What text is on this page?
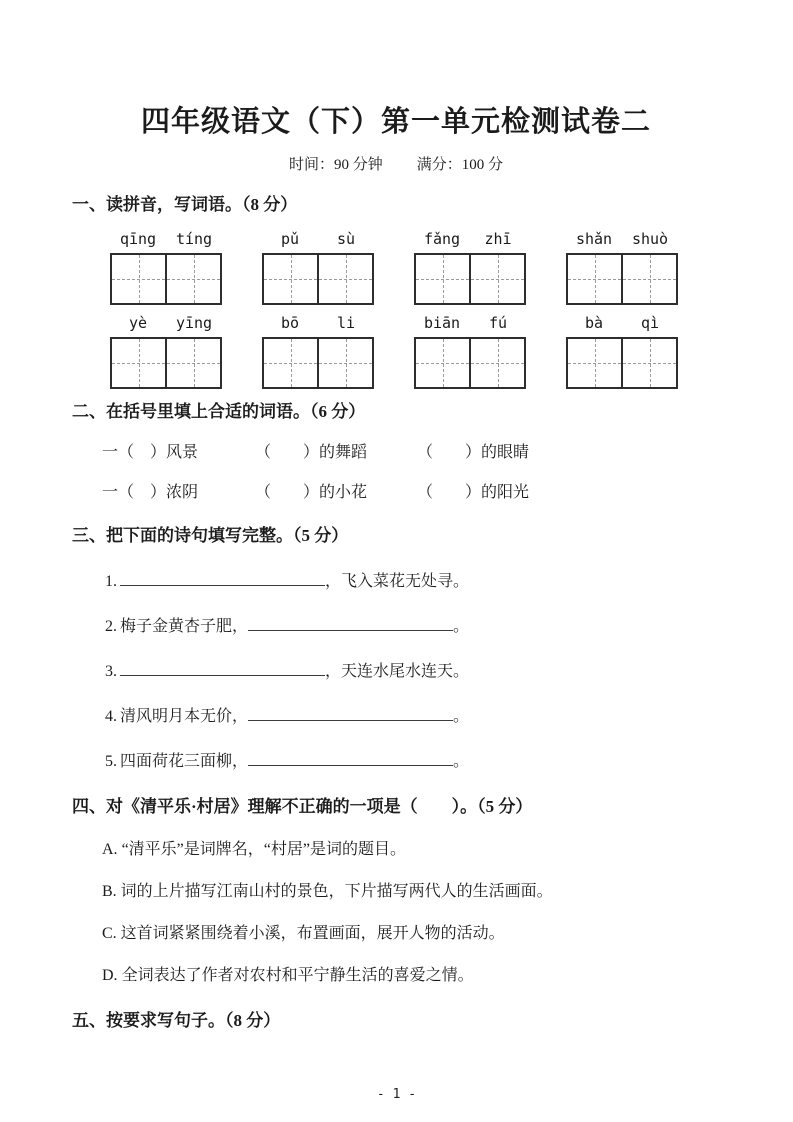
四年级语文（下）第一单元检测试卷二
时间：90 分钟 满分：100 分
一、读拼音，写词语。（8 分）
qīng	tíng	pǔ	sù	fǎng	zhī	shǎn	shuò
yè	yīng	bō	li	biān	fú	bà	qì
二、在括号里填上合适的词语。（6 分）
一（　）风景	（　　）的舞蹈	（　　）的眼睛
一（　）浓阴	（　　）的小花	（　　）的阳光
三、把下面的诗句填写完整。（5 分）
1.	，飞入菜花无处寻。
2. 梅子金黄杏子肥，	。
3.	，天连水尾水连天。
4. 清风明月本无价，	。
5. 四面荷花三面柳，	。
四、对《清平乐·村居》理解不正确的一项是（　　）。（5 分）
A. “清平乐”是词牌名，“村居”是词的题目。
B. 词的上片描写江南山村的景色，下片描写两代人的生活画面。
C. 这首词紧紧围绕着小溪，布置画面，展开人物的活动。
D. 全词表达了作者对农村和平宁静生活的喜爱之情。
五、按要求写句子。（8 分）
- 1 -
